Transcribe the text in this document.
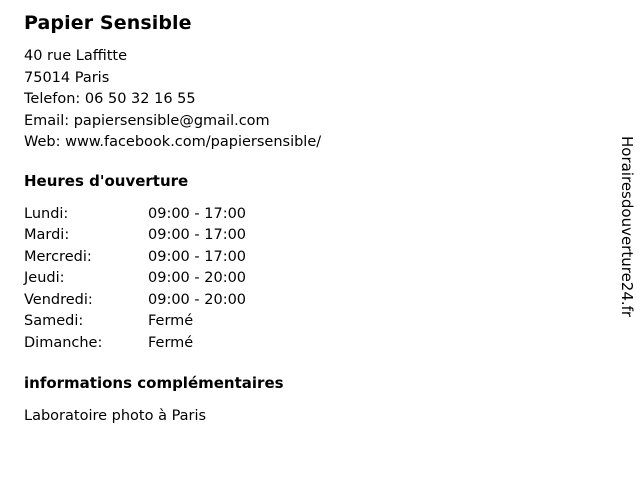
Papier Sensible
40 rue Laffitte
75014 Paris
Telefon: 06 50 32 16 55
Email: papiersensible@gmail.com
Web: www.facebook.com/papiersensible/
Heures d'ouverture
Lundi:	09:00 - 17:00
Mardi:	09:00 - 17:00
Mercredi:	09:00 - 17:00
Jeudi:	09:00 - 20:00
Vendredi:	09:00 - 20:00
Samedi:	Fermé
Dimanche:	Fermé
informations complémentaires
Laboratoire photo à Paris
Horairesdouverture24.fr
